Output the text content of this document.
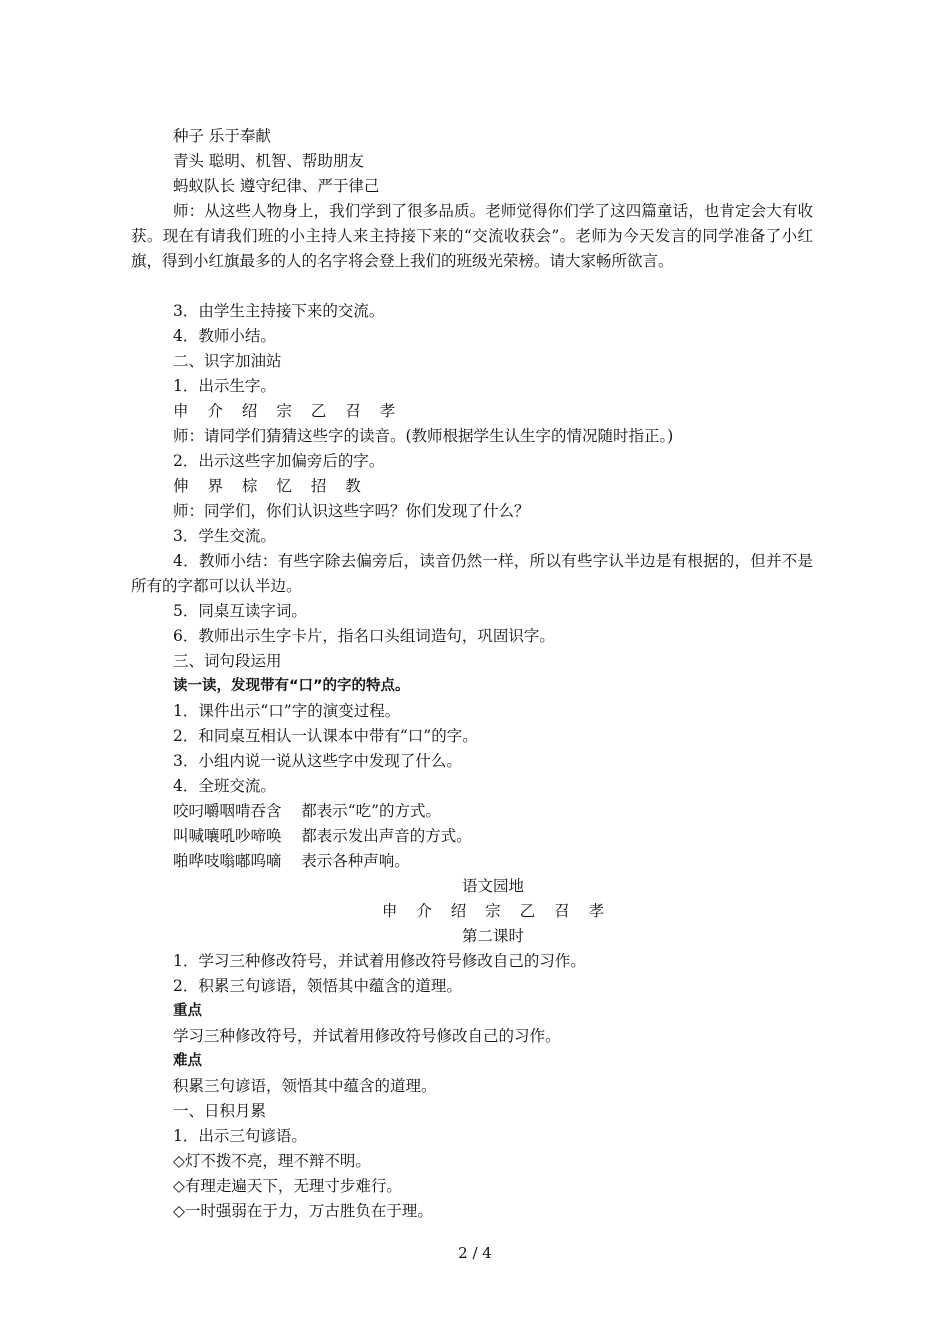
种子 乐于奉献
青头 聪明、机智、帮助朋友
蚂蚁队长 遵守纪律、严于律己
师：从这些人物身上，我们学到了很多品质。老师觉得你们学了这四篇童话，也肯定会大有收获。现在有请我们班的小主持人来主持接下来的“交流收获会”。老师为今天发言的同学准备了小红旗，得到小红旗最多的人的名字将会登上我们的班级光荣榜。请大家畅所欲言。
3．由学生主持接下来的交流。
4．教师小结。
二、识字加油站
1．出示生字。
申 介 绍 宗 乙 召 孝
师：请同学们猜猜这些字的读音。(教师根据学生认生字的情况随时指正。)
2．出示这些字加偏旁后的字。
伸 界 棕 忆 招 教
师：同学们，你们认识这些字吗？你们发现了什么？
3．学生交流。
4．教师小结：有些字除去偏旁后，读音仍然一样，所以有些字认半边是有根据的，但并不是所有的字都可以认半边。
5．同桌互读字词。
6．教师出示生字卡片，指名口头组词造句，巩固识字。
三、词句段运用
读一读，发现带有“口”的字的特点。
1．课件出示“口”字的演变过程。
2．和同桌互相认一认课本中带有“口”的字。
3．小组内说一说从这些字中发现了什么。
4．全班交流。
咬叼嚼咽啃吞含    都表示“吃”的方式。
叫喊嚷吼吵啼唤    都表示发出声音的方式。
啪哗吱嗡嘟呜嘀    表示各种声响。
语文园地
申 介 绍 宗 乙 召 孝
第二课时
1．学习三种修改符号，并试着用修改符号修改自己的习作。
2．积累三句谚语，领悟其中蕴含的道理。
重点
学习三种修改符号，并试着用修改符号修改自己的习作。
难点
积累三句谚语，领悟其中蕴含的道理。
一、日积月累
1．出示三句谚语。
◇灯不拨不亮，理不辩不明。
◇有理走遍天下，无理寸步难行。
◇一时强弱在于力，万古胜负在于理。
2 / 4
